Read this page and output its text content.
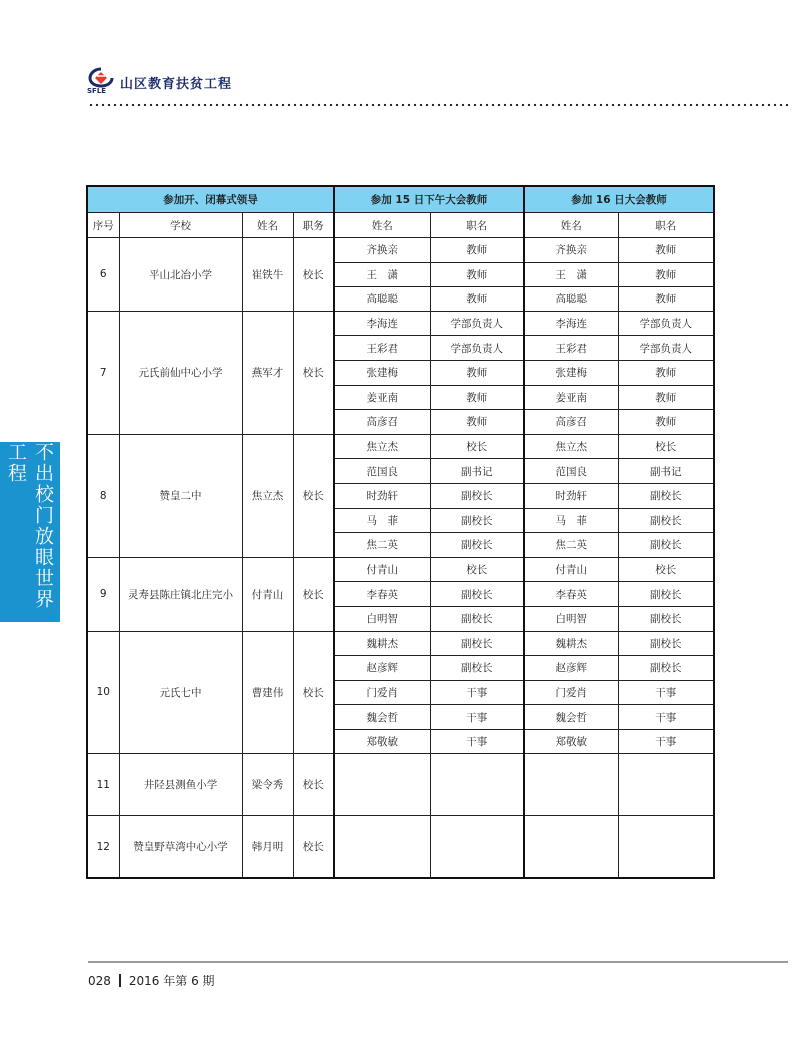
SFLE 山区教育扶贫工程
不出校门放眼世界工程
参加开、闭幕式领导				参加 15 日下午大会教师		参加 16 日大会教师	
序号	学校	姓名	职务	姓名	职名	姓名	职名
6	平山北冶小学	崔铁牛	校长	齐换亲	教师	齐换亲	教师
				王　潇	教师	王　潇	教师
				高聪聪	教师	高聪聪	教师
7	元氏前仙中心小学	燕军才	校长	李海连	学部负责人	李海连	学部负责人
				王彩君	学部负责人	王彩君	学部负责人
				张建梅	教师	张建梅	教师
				姜亚南	教师	姜亚南	教师
				高彦召	教师	高彦召	教师
8	赞皇二中	焦立杰	校长	焦立杰	校长	焦立杰	校长
				范国良	副书记	范国良	副书记
				时劲轩	副校长	时劲轩	副校长
				马　菲	副校长	马　菲	副校长
				焦二英	副校长	焦二英	副校长
9	灵寿县陈庄镇北庄完小	付青山	校长	付青山	校长	付青山	校长
				李春英	副校长	李春英	副校长
				白明智	副校长	白明智	副校长
10	元氏七中	曹建伟	校长	魏耕杰	副校长	魏耕杰	副校长
				赵彦辉	副校长	赵彦辉	副校长
				门爱肖	干事	门爱肖	干事
				魏会哲	干事	魏会哲	干事
				郑敬敏	干事	郑敬敏	干事
11	井陉县测鱼小学	梁令秀	校长				
12	赞皇野草湾中心小学	韩月明	校长				
028 2016 年第 6 期
